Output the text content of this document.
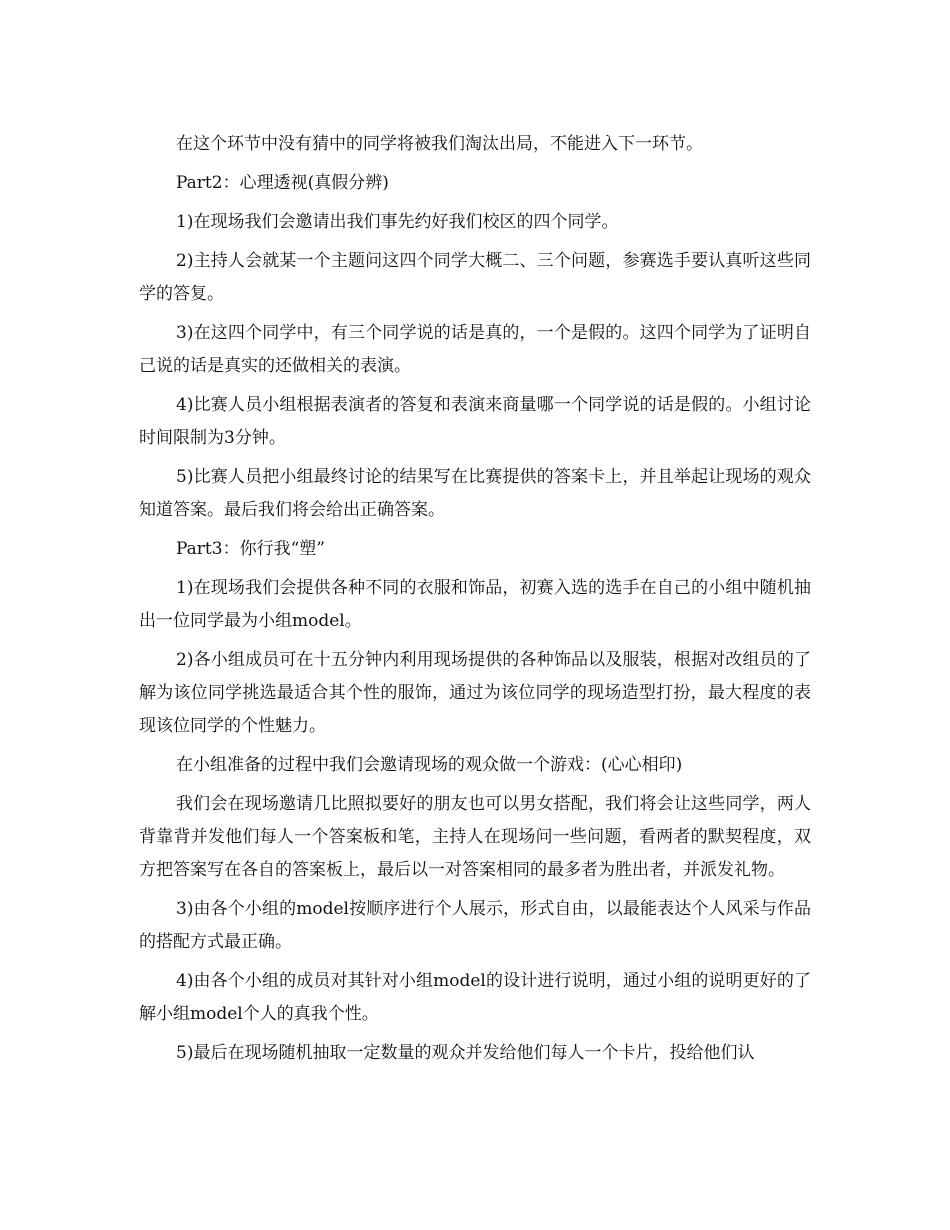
在这个环节中没有猜中的同学将被我们淘汰出局，不能进入下一环节。

Part2：心理透视(真假分辨)

1)在现场我们会邀请出我们事先约好我们校区的四个同学。

2)主持人会就某一个主题问这四个同学大概二、三个问题，参赛选手要认真听这些同学的答复。

3)在这四个同学中，有三个同学说的话是真的，一个是假的。这四个同学为了证明自己说的话是真实的还做相关的表演。

4)比赛人员小组根据表演者的答复和表演来商量哪一个同学说的话是假的。小组讨论时间限制为3分钟。

5)比赛人员把小组最终讨论的结果写在比赛提供的答案卡上，并且举起让现场的观众知道答案。最后我们将会给出正确答案。

Part3：你行我“塑”

1)在现场我们会提供各种不同的衣服和饰品，初赛入选的选手在自己的小组中随机抽出一位同学最为小组model。

2)各小组成员可在十五分钟内利用现场提供的各种饰品以及服装，根据对改组员的了解为该位同学挑选最适合其个性的服饰，通过为该位同学的现场造型打扮，最大程度的表现该位同学的个性魅力。

在小组准备的过程中我们会邀请现场的观众做一个游戏：(心心相印)

我们会在现场邀请几比照拟要好的朋友也可以男女搭配，我们将会让这些同学，两人背靠背并发他们每人一个答案板和笔，主持人在现场问一些问题，看两者的默契程度，双方把答案写在各自的答案板上，最后以一对答案相同的最多者为胜出者，并派发礼物。

3)由各个小组的model按顺序进行个人展示，形式自由，以最能表达个人风采与作品的搭配方式最正确。

4)由各个小组的成员对其针对小组model的设计进行说明，通过小组的说明更好的了解小组model个人的真我个性。

5)最后在现场随机抽取一定数量的观众并发给他们每人一个卡片，投给他们认
